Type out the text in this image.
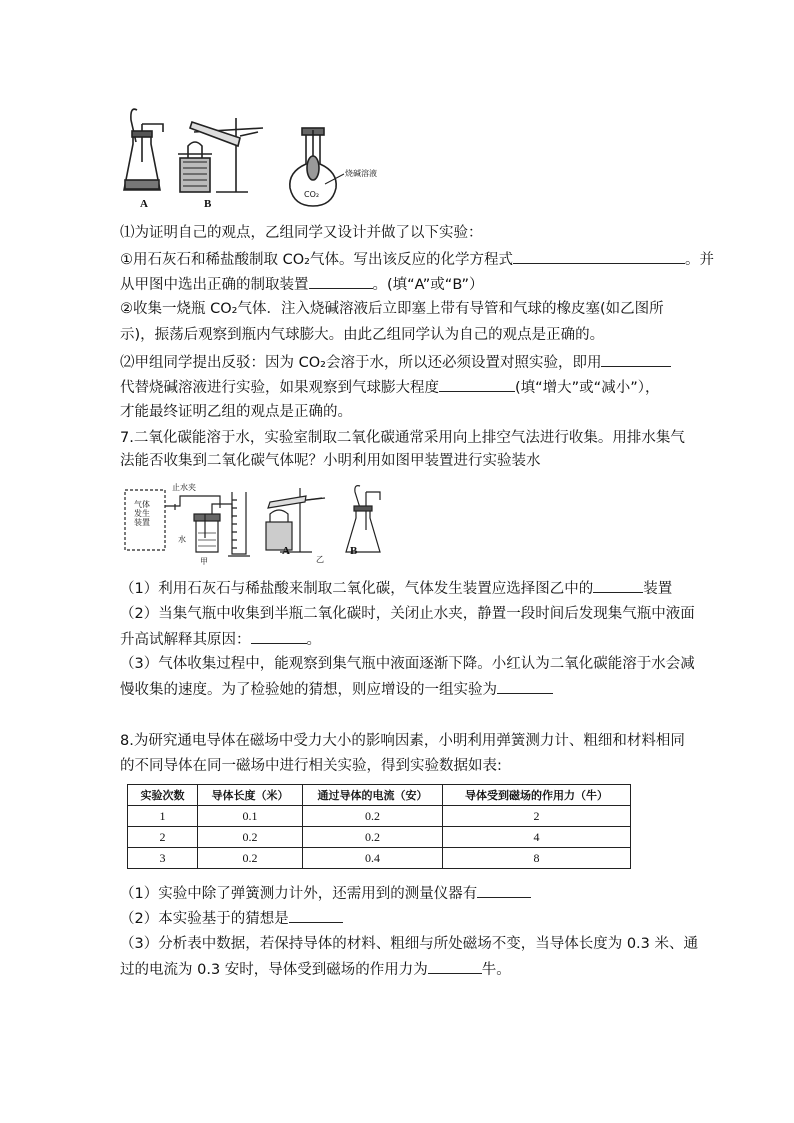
A	B
烧碱溶液
CO₂
⑴为证明自己的观点，乙组同学又设计并做了以下实验：
①用石灰石和稀盐酸制取 CO₂气体。写出该反应的化学方程式	。并
从甲图中选出正确的制取装置	。(填“A”或“B”）
②收集一烧瓶 CO₂气体．注入烧碱溶液后立即塞上带有导管和气球的橡皮塞(如乙图所
示)，振荡后观察到瓶内气球膨大。由此乙组同学认为自己的观点是正确的。
⑵甲组同学提出反驳：因为 CO₂会溶于水，所以还必须设置对照实验，即用
代替烧碱溶液进行实验，如果观察到气球膨大程度	(填“增大”或“减小”），
才能最终证明乙组的观点是正确的。
7.二氧化碳能溶于水，实验室制取二氧化碳通常采用向上排空气法进行收集。用排水集气
法能否收集到二氧化碳气体呢？小明利用如图甲装置进行实验装水
气体
发生
装置
止水夹
水
甲
A	B
乙
（1）利用石灰石与稀盐酸来制取二氧化碳，气体发生装置应选择图乙中的	装置
（2）当集气瓶中收集到半瓶二氧化碳时，关闭止水夹，静置一段时间后发现集气瓶中液面
升高试解释其原因：	。
（3）气体收集过程中，能观察到集气瓶中液面逐渐下降。小红认为二氧化碳能溶于水会减
慢收集的速度。为了检验她的猜想，则应增设的一组实验为
8.为研究通电导体在磁场中受力大小的影响因素，小明利用弹簧测力计、粗细和材料相同
的不同导体在同一磁场中进行相关实验，得到实验数据如表:
实验次数	导体长度（米）	通过导体的电流（安）	导体受到磁场的作用力（牛）
1	0.1	0.2	2
2	0.2	0.2	4
3	0.2	0.4	8
（1）实验中除了弹簧测力计外，还需用到的测量仪器有
（2）本实验基于的猜想是
（3）分析表中数据，若保持导体的材料、粗细与所处磁场不变，当导体长度为 0.3 米、通
过的电流为 0.3 安时，导体受到磁场的作用力为	牛。
